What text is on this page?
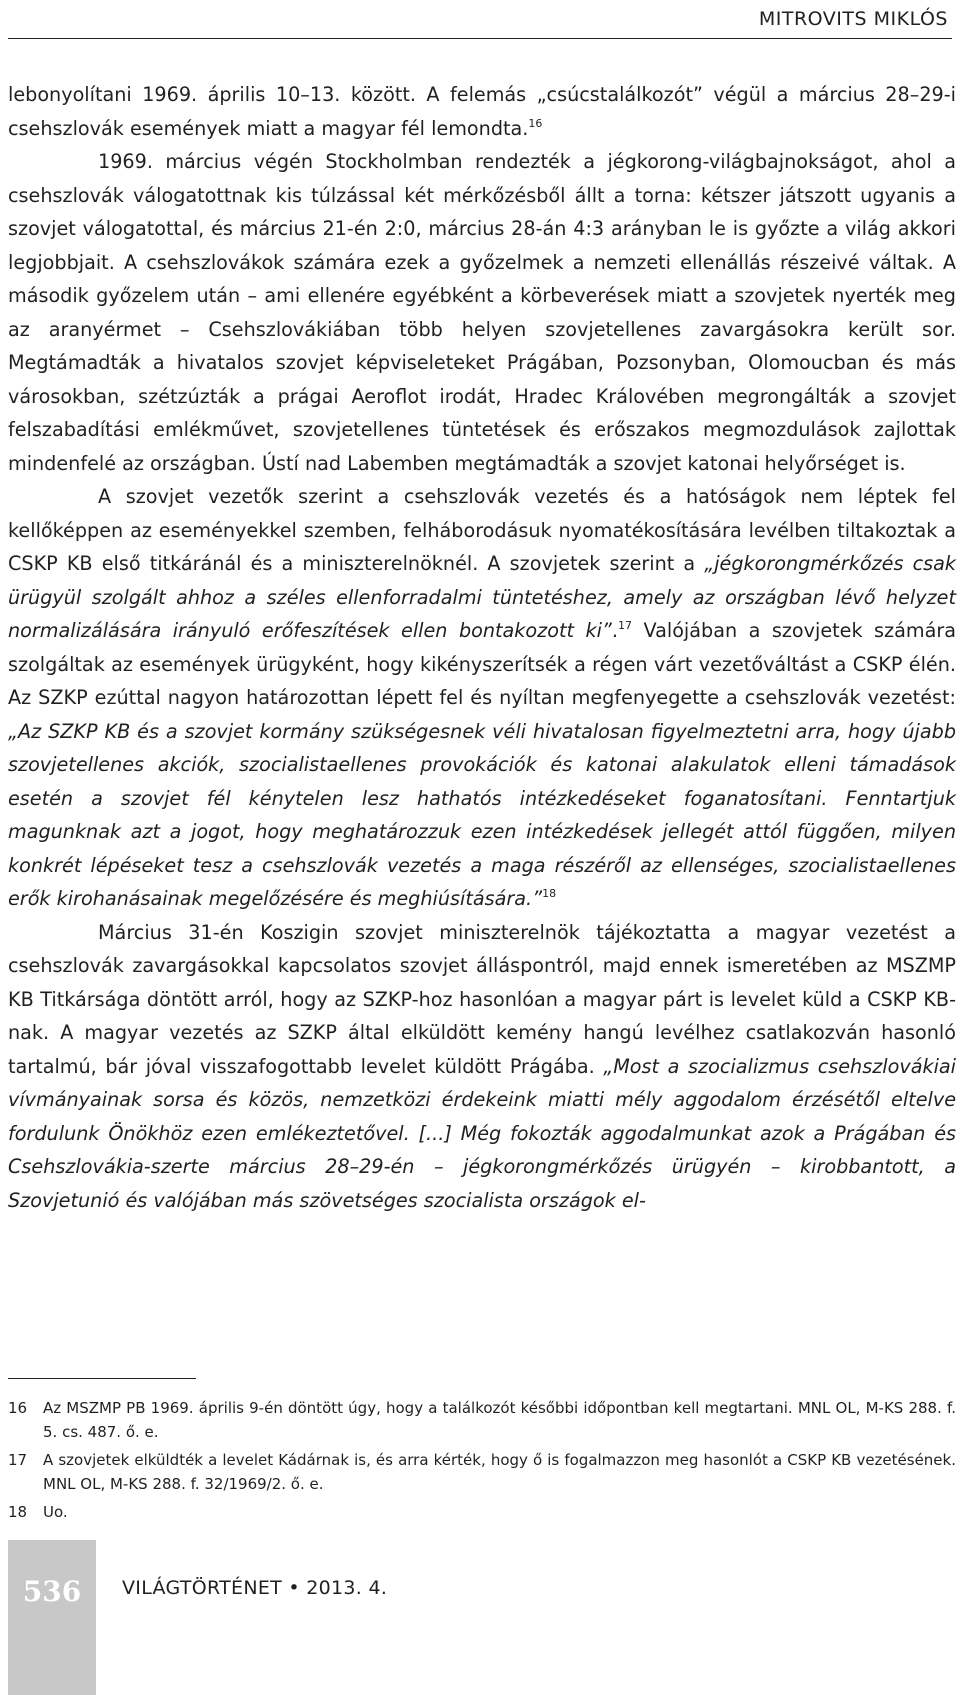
MITROVITS MIKLÓS

lebonyolítani 1969. április 10–13. között. A felemás „csúcstalálkozót” végül a március 28–29-i csehszlovák események miatt a magyar fél lemondta.$^{16}$

1969. március végén Stockholmban rendezték a jégkorong-világbajnokságot, ahol a csehszlovák válogatottnak kis túlzással két mérkőzésből állt a torna: kétszer játszott ugyanis a szovjet válogatottal, és március 21-én 2:0, március 28-án 4:3 arányban le is győzte a világ akkori legjobbjait. A csehszlovákok számára ezek a győzelmek a nemzeti ellenállás részeivé váltak. A második győzelem után – ami ellenére egyébként a körbeverések miatt a szovjetek nyerték meg az aranyérmet – Csehszlovákiában több helyen szovjetellenes zavargásokra került sor. Megtámadták a hivatalos szovjet képviseleteket Prágában, Pozsonyban, Olomoucban és más városokban, szétzúzták a prágai Aeroflot irodát, Hradec Královében megrongálták a szovjet felszabadítási emlékművet, szovjetellenes tüntetések és erőszakos megmozdulások zajlottak mindenfelé az országban. Ústí nad Labemben megtámadták a szovjet katonai helyőrséget is.

A szovjet vezetők szerint a csehszlovák vezetés és a hatóságok nem léptek fel kellőképpen az eseményekkel szemben, felháborodásuk nyomatékosítására levélben tiltakoztak a CSKP KB első titkáránál és a miniszterelnöknél. A szovjetek szerint a „jégkorongmérkőzés csak ürügyül szolgált ahhoz a széles ellenforradalmi tüntetéshez, amely az országban lévő helyzet normalizálására irányuló erőfeszítések ellen bontakozott ki”.$^{17}$ Valójában a szovjetek számára szolgáltak az események ürügyként, hogy kikényszerítsék a régen várt vezetőváltást a CSKP élén. Az SZKP ezúttal nagyon határozottan lépett fel és nyíltan megfenyegette a csehszlovák vezetést: „Az SZKP KB és a szovjet kormány szükségesnek véli hivatalosan figyelmeztetni arra, hogy újabb szovjetellenes akciók, szocialistaellenes provokációk és katonai alakulatok elleni támadások esetén a szovjet fél kénytelen lesz hathatós intézkedéseket foganatosítani. Fenntartjuk magunknak azt a jogot, hogy meghatározzuk ezen intézkedések jellegét attól függően, milyen konkrét lépéseket tesz a csehszlovák vezetés a maga részéről az ellenséges, szocialistaellenes erők kirohanásainak megelőzésére és meghiúsítására.”$^{18}$

Március 31-én Koszigin szovjet miniszterelnök tájékoztatta a magyar vezetést a csehszlovák zavargásokkal kapcsolatos szovjet álláspontról, majd ennek ismeretében az MSZMP KB Titkársága döntött arról, hogy az SZKP-hoz hasonlóan a magyar párt is levelet küld a CSKP KB-nak. A magyar vezetés az SZKP által elküldött kemény hangú levélhez csatlakozván hasonló tartalmú, bár jóval visszafogottabb levelet küldött Prágába. „Most a szocializmus csehszlovákiai vívmányainak sorsa és közös, nemzetközi érdekeink miatti mély aggodalom érzésétől eltelve fordulunk Önökhöz ezen emlékeztetővel. [...] Még fokozták aggodalmunkat azok a Prágában és Csehszlovákia-szerte március 28–29-én – jégkorongmérkőzés ürügyén – kirobbantott, a Szovjetunió és valójában más szövetséges szocialista országok el-

16	Az MSZMP PB 1969. április 9-én döntött úgy, hogy a találkozót későbbi időpontban kell megtartani. MNL OL, M-KS 288. f. 5. cs. 487. ő. e.
17	A szovjetek elküldték a levelet Kádárnak is, és arra kérték, hogy ő is fogalmazzon meg hasonlót a CSKP KB vezetésének. MNL OL, M-KS 288. f. 32/1969/2. ő. e.
18	Uo.
536	VILÁGTÖRTÉNET • 2013. 4.
